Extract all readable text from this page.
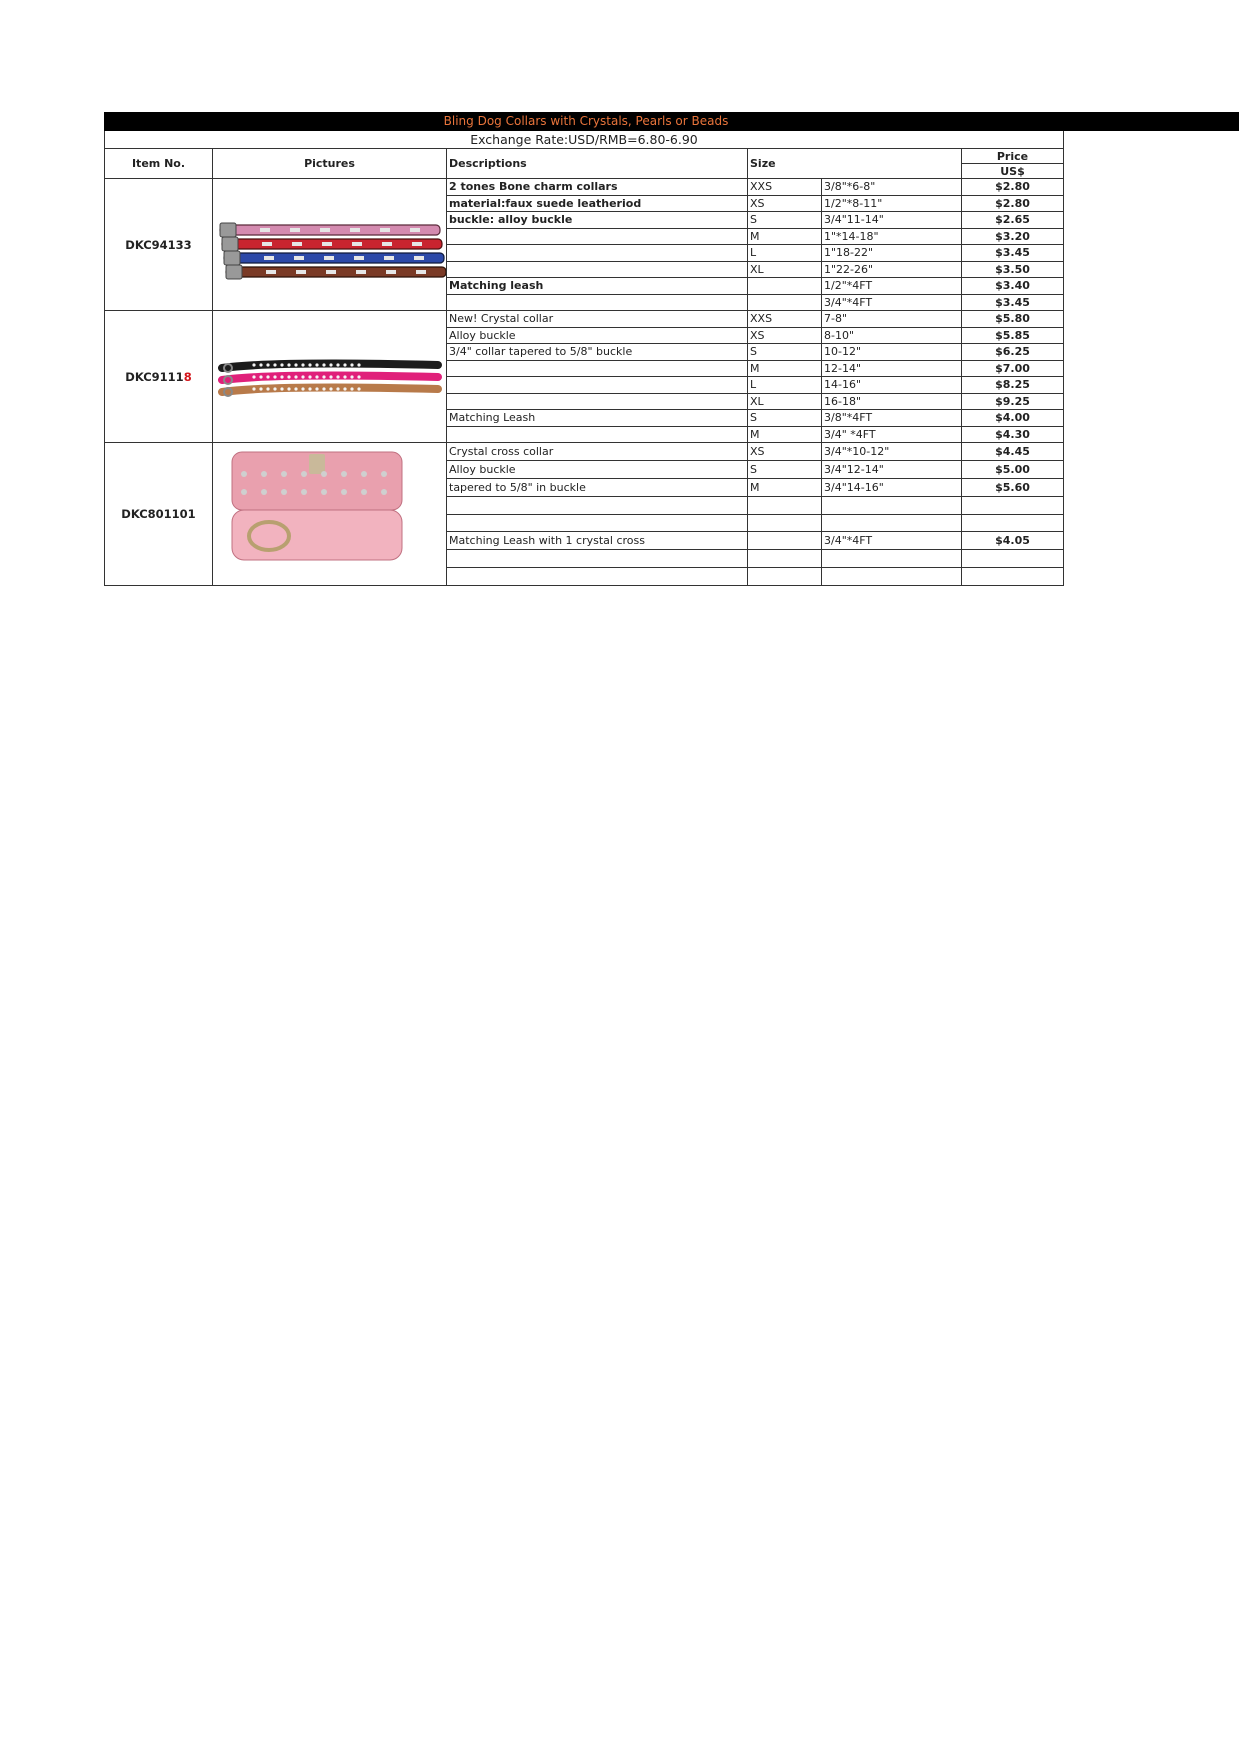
Bling Dog Collars with Crystals, Pearls or Beads
Exchange Rate:USD/RMB=6.80-6.90					
Item No.	Pictures	Descriptions	Size		Price
					US$
DKC94133		2 tones Bone charm collars	XXS	3/8"*6-8"	$2.80
		material:faux suede leatheriod	XS	1/2"*8-11"	$2.80
		buckle: alloy buckle	S	3/4"11-14"	$2.65
			M	1"*14-18"	$3.20
			L	1"18-22"	$3.45
			XL	1"22-26"	$3.50
		Matching leash		1/2"*4FT	$3.40
				3/4"*4FT	$3.45
DKC91118		New! Crystal collar	XXS	7-8"	$5.80
		Alloy buckle	XS	8-10"	$5.85
		3/4" collar tapered to 5/8" buckle	S	10-12"	$6.25
			M	12-14"	$7.00
			L	14-16"	$8.25
			XL	16-18"	$9.25
		Matching Leash	S	3/8"*4FT	$4.00
			M	3/4" *4FT	$4.30
DKC801101		Crystal cross collar	XS	3/4"*10-12"	$4.45
		Alloy buckle	S	3/4"12-14"	$5.00
		tapered to 5/8" in buckle	M	3/4"14-16"	$5.60

		Matching Leash with 1 crystal cross		3/4"*4FT	$4.05
